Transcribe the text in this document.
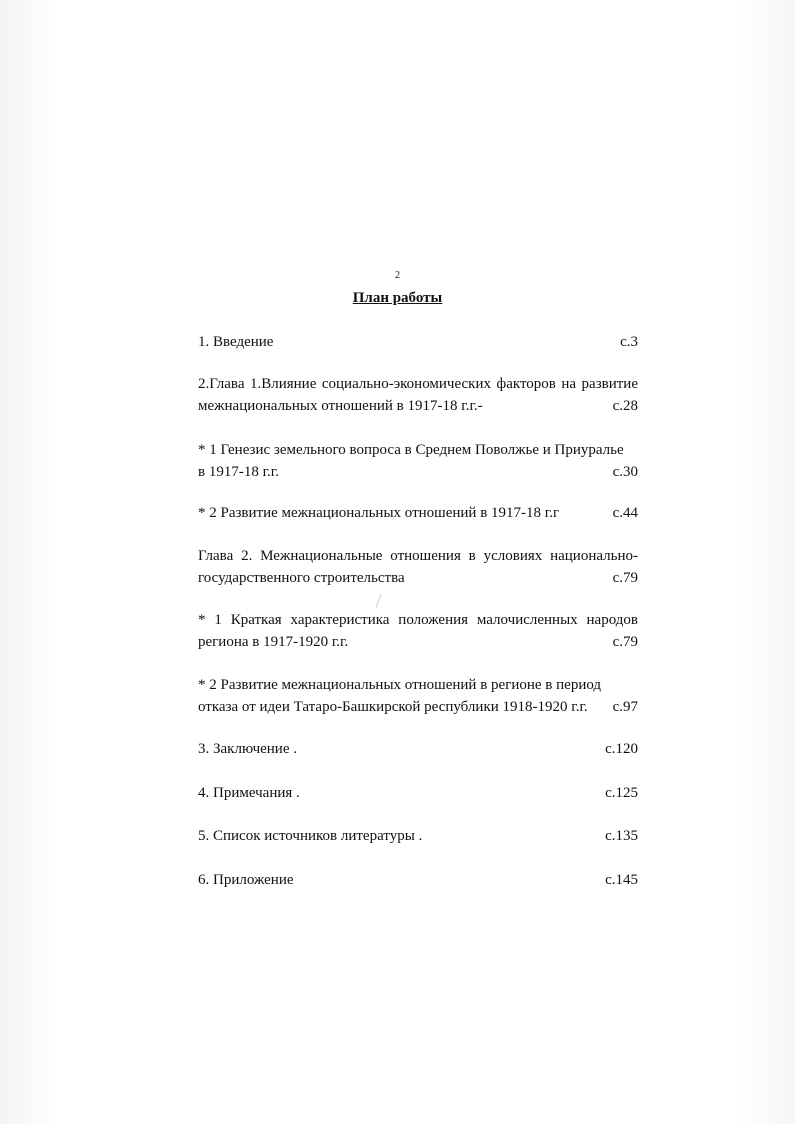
2
План работы
1. Введение	с.3
2.Глава 1.Влияние социально-экономических факторов на развитие
межнациональных отношений в 1917-18 г.г.-	с.28
* 1 Генезис земельного вопроса в Среднем Поволжье и Приуралье
в 1917-18 г.г.	с.30
* 2 Развитие межнациональных отношений в 1917-18 г.г	с.44
Глава 2. Межнациональные отношения в условиях национально-
государственного строительства	с.79
* 1 Краткая характеристика положения малочисленных народов
региона в 1917-1920 г.г.	с.79
* 2 Развитие межнациональных отношений в регионе в период
отказа от идеи Татаро-Башкирской республики 1918-1920 г.г. с.97
3. Заключение .	с.120
4. Примечания .	с.125
5. Список источников литературы .	с.135
6. Приложение	с.145
